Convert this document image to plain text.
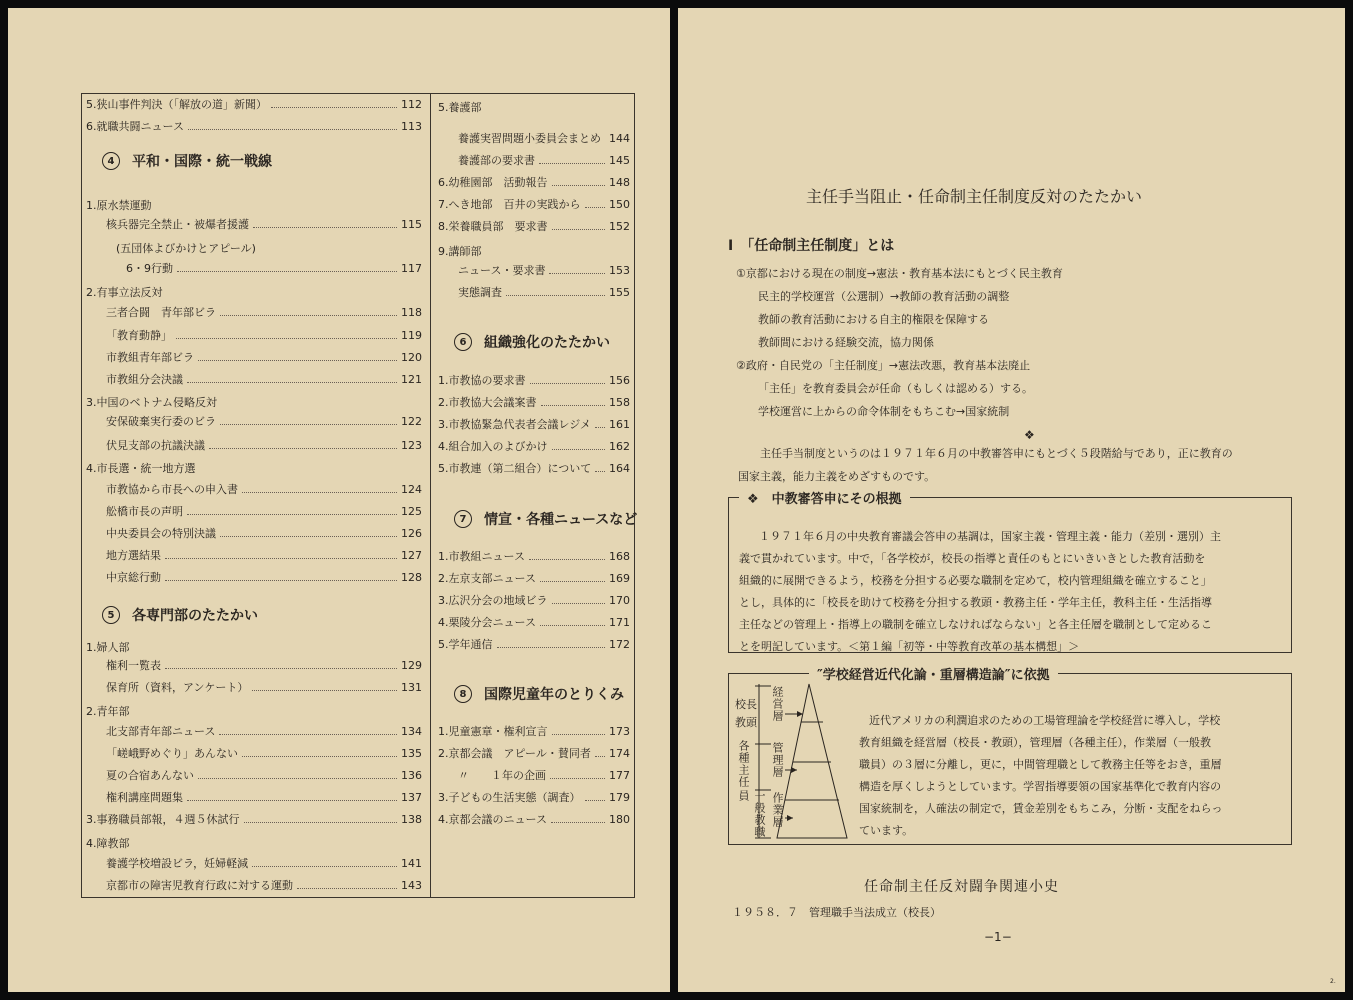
5.狭山事件判決（「解放の道」新聞）	112
6.就職共闘ニュース	113
4	平和・国際・統一戦線
1.原水禁運動
核兵器完全禁止・被爆者援護	115
(五団体よびかけとアピール)
6・9行動	117
2.有事立法反対
三者合闘　青年部ビラ	118
「教育動静」	119
市教組青年部ビラ	120
市教組分会決議	121
3.中国のベトナム侵略反対
安保破棄実行委のビラ	122
伏見支部の抗議決議	123
4.市長選・統一地方選
市教協から市長への申入書	124
舩橋市長の声明	125
中央委員会の特別決議	126
地方選結果	127
中京総行動	128
5	各専門部のたたかい
1.婦人部
権利一覧表	129
保育所（資料，アンケート）	131
2.青年部
北支部青年部ニュース	134
「嵯峨野めぐり」あんない	135
夏の合宿あんない	136
権利講座問題集	137
3.事務職員部報，４週５休試行	138
4.障教部
養護学校増設ビラ，妊婦軽減	141
京都市の障害児教育行政に対する運動	143
5.養護部
養護実習問題小委員会まとめ 144
養護部の要求書	145
6.幼稚園部　活動報告	148
7.へき地部　百井の実践から	150
8.栄養職員部　要求書	152
9.講師部
ニュース・要求書	153
実態調査	155
6	組織強化のたたかい
1.市教協の要求書	156
2.市教協大会議案書	158
3.市教協緊急代表者会議レジメ 161
4.組合加入のよびかけ	162
5.市教連（第二組合）について 164
7	情宣・各種ニュースなど
1.市教組ニュース	168
2.左京支部ニュース	169
3.広沢分会の地域ビラ	170
4.栗陵分会ニュース	171
5.学年通信	172
8	国際児童年のとりくみ
1.児童憲章・権利宣言	173
2.京都会議　アピール・賛同者 174
〃　　１年の企画	177
3.子どもの生活実態（調査）	179
4.京都会議のニュース	180
主任手当阻止・任命制主任制度反対のたたかい
Ⅰ　「任命制主任制度」とは
①京都における現在の制度→憲法・教育基本法にもとづく民主教育
民主的学校運営（公選制）→教師の教育活動の調整
教師の教育活動における自主的権限を保障する
教師間における経験交流，協力関係
②政府・自民党の「主任制度」→憲法改悪，教育基本法廃止
「主任」を教育委員会が任命（もしくは認める）する。
学校運営に上からの命令体制をもちこむ→国家統制
❖
主任手当制度というのは１９７１年６月の中教審答申にもとづく５段階給与であり，正に教育の
国家主義，能力主義をめざすものです。
❖　中教審答申にその根拠
１９７１年６月の中央教育審議会答申の基調は，国家主義・管理主義・能力（差別・選別）主
義で貫かれています。中で，「各学校が，校長の指導と責任のもとにいきいきとした教育活動を
組織的に展開できるよう，校務を分担する必要な職制を定めて，校内管理組織を確立すること」
とし，具体的に「校長を助けて校務を分担する教頭・教務主任・学年主任，教科主任・生活指導
主任などの管理上・指導上の職制を確立しなければならない」と各主任層を職制として定めるこ
とを明記しています。＜第１編「初等・中等教育改革の基本構想」＞
″学校経営近代化論・重層構造論″に依拠
校長
教頭
各種主任
一般教職員
経営層
管理層
作業層
近代アメリカの利潤追求のための工場管理論を学校経営に導入し，学校
教育組織を経営層（校長・教頭），管理層（各種主任），作業層（一般教
職員）の３層に分離し，更に，中間管理職として教務主任等をおき，重層
構造を厚くしようとしています。学習指導要領の国家基準化で教育内容の
国家統制を，人確法の制定で，賃金差別をもちこみ，分断・支配をねらっ
ています。
任命制主任反対闘争関連小史
１９５８．７　管理職手当法成立（校長）
−1−
2.
